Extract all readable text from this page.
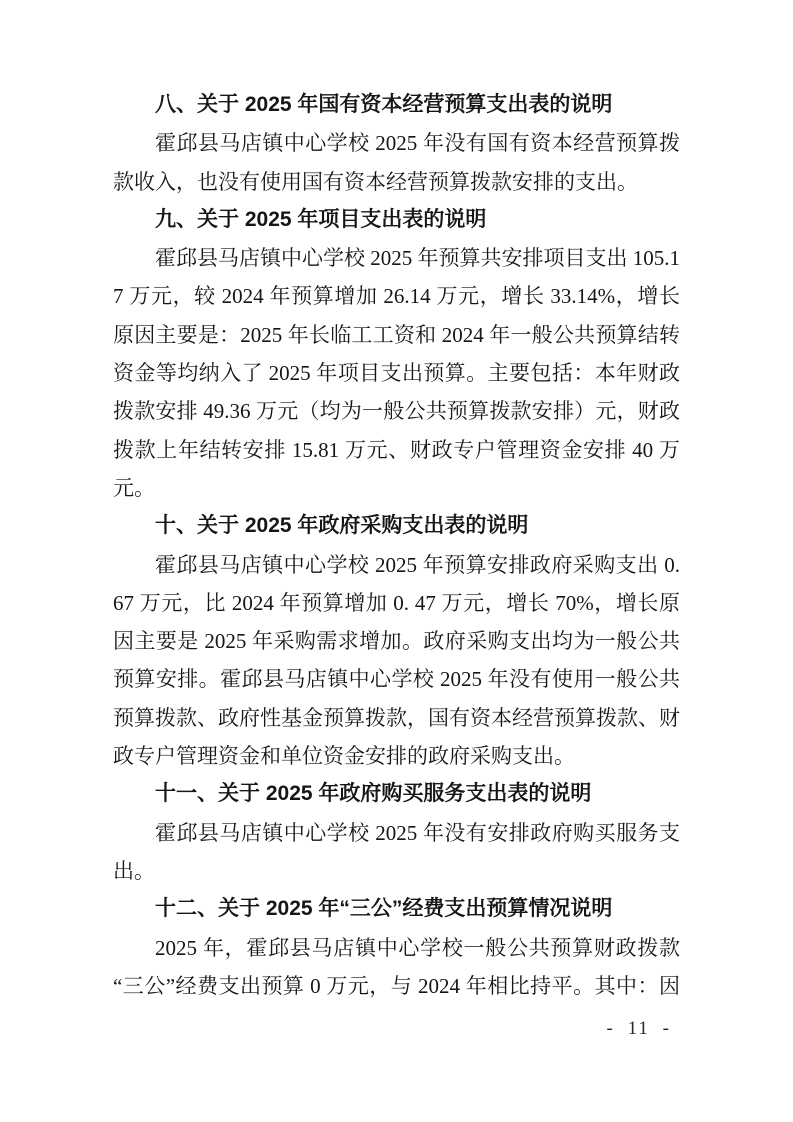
八、关于 2025 年国有资本经营预算支出表的说明

霍邱县马店镇中心学校 2025 年没有国有资本经营预算拨款收入，也没有使用国有资本经营预算拨款安排的支出。

九、关于 2025 年项目支出表的说明

霍邱县马店镇中心学校 2025 年预算共安排项目支出 105.17 万元，较 2024 年预算增加 26.14 万元，增长 33.14%，增长原因主要是：2025 年长临工工资和 2024 年一般公共预算结转资金等均纳入了 2025 年项目支出预算。主要包括：本年财政拨款安排 49.36 万元（均为一般公共预算拨款安排）元，财政拨款上年结转安排 15.81 万元、财政专户管理资金安排 40 万元。

十、关于 2025 年政府采购支出表的说明

霍邱县马店镇中心学校 2025 年预算安排政府采购支出 0. 67 万元，比 2024 年预算增加 0. 47 万元，增长 70%，增长原因主要是 2025 年采购需求增加。政府采购支出均为一般公共预算安排。霍邱县马店镇中心学校 2025 年没有使用一般公共预算拨款、政府性基金预算拨款，国有资本经营预算拨款、财政专户管理资金和单位资金安排的政府采购支出。

十一、关于 2025 年政府购买服务支出表的说明

霍邱县马店镇中心学校 2025 年没有安排政府购买服务支出。

十二、关于 2025 年“三公”经费支出预算情况说明

2025 年，霍邱县马店镇中心学校一般公共预算财政拨款“三公”经费支出预算 0 万元，与 2024 年相比持平。其中：因

- 11 -
